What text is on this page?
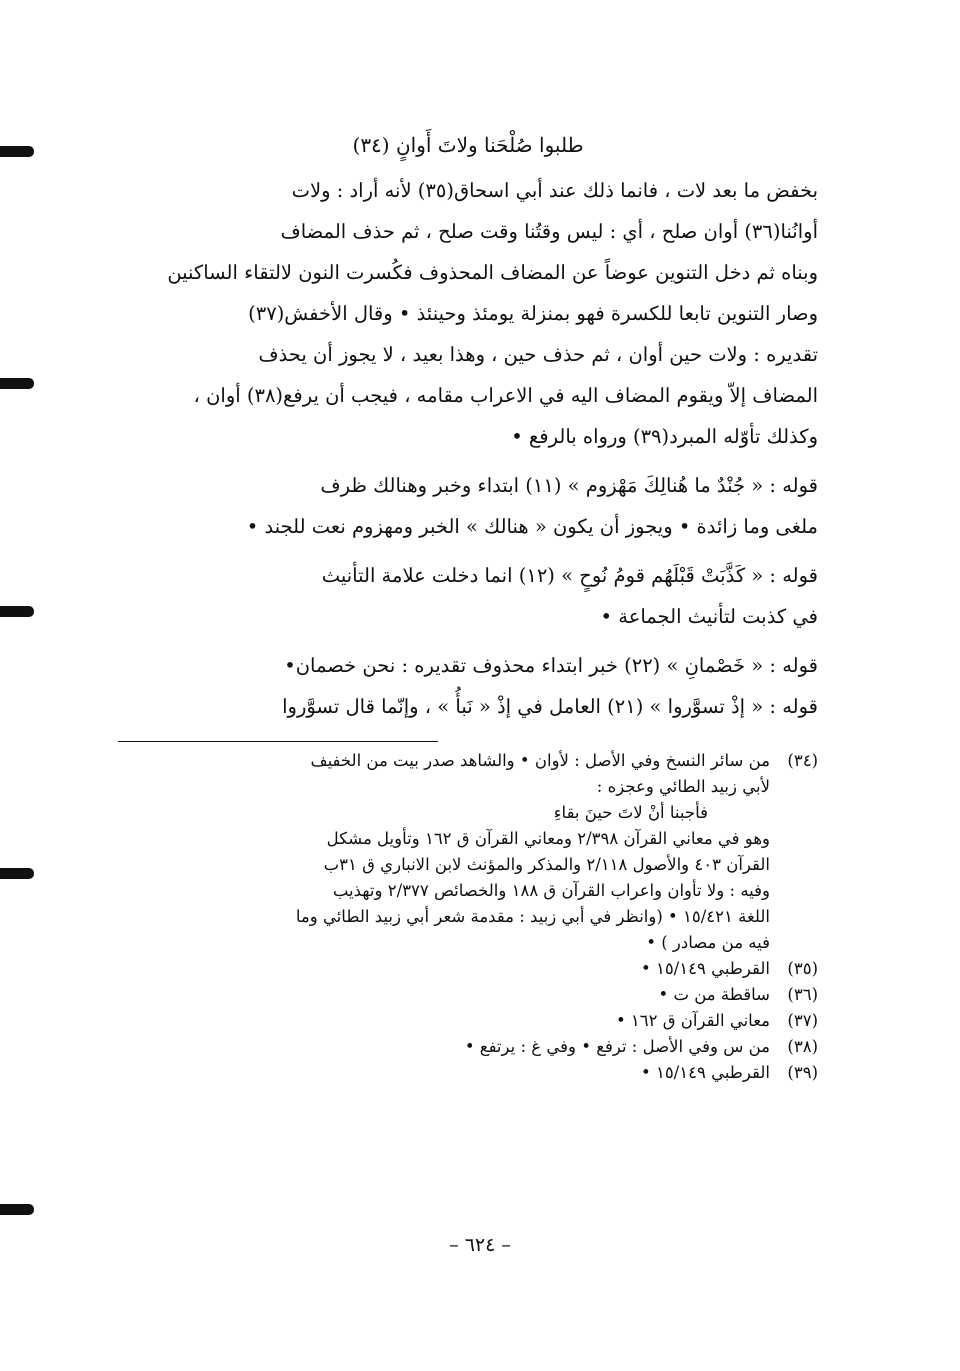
طلبوا صُلْحَنا ولاتَ أَوانٍ (٣٤)

بخفض ما بعد لات ، فانما ذلك عند أبي اسحاق(٣٥) لأنه أراد : ولات

أوانُنا(٣٦) أوان صلح ، أي : ليس وقتُنا وقت صلح ، ثم حذف المضاف

وبناه ثم دخل التنوين عوضاً عن المضاف المحذوف فكُسرت النون لالتقاء الساكنين

وصار التنوين تابعا للكسرة فهو بمنزلة يومئذ وحينئذ • وقال الأخفش(٣٧)

تقديره : ولات حين أوان ، ثم حذف حين ، وهذا بعيد ، لا يجوز أن يحذف

المضاف إلاّ ويقوم المضاف اليه في الاعراب مقامه ، فيجب أن يرفع(٣٨) أوان ،

وكذلك تأوّله المبرد(٣٩) ورواه بالرفع •

قوله : « جُنْدٌ ما هُنالِكَ مَهْزوم » (١١) ابتداء وخبر وهنالك ظرف

ملغى وما زائدة • ويجوز أن يكون « هنالك » الخبر ومهزوم نعت للجند •

قوله : « كَذَّبَتْ قَبْلَهُم قومُ نُوحٍ » (١٢) انما دخلت علامة التأنيث

في كذبت لتأنيث الجماعة •

قوله : « خَصْمانِ » (٢٢) خبر ابتداء محذوف تقديره : نحن خصمان•

قوله : « إذْ تسوَّروا » (٢١) العامل في إذْ « نَبأُ » ، وإنّما قال تسوَّروا

(٣٤)
من سائر النسخ وفي الأصل : لأوان • والشاهد صدر بيت من الخفيف
لأبي زبيد الطائي وعجزه :
فأجبنا أنْ لاتَ حينَ بقاءِ
وهو في معاني القرآن ٢/٣٩٨ ومعاني القرآن ق ١٦٢ وتأويل مشكل
القرآن ٤٠٣ والأصول ٢/١١٨ والمذكر والمؤنث لابن الانباري ق ٣١ب
وفيه : ولا تأوان واعراب القرآن ق ١٨٨ والخصائص ٢/٣٧٧ وتهذيب
اللغة ١٥/٤٢١ • (وانظر في أبي زبيد : مقدمة شعر أبي زبيد الطائي وما
فيه من مصادر ) •
(٣٥)
القرطبي ١٥/١٤٩ •
(٣٦)
ساقطة من ت •
(٣٧)
معاني القرآن ق ١٦٢ •
(٣٨)
من س وفي الأصل : ترفع • وفي غ : يرتفع •
(٣٩)
القرطبي ١٥/١٤٩ •
– ٦٢٤ –
